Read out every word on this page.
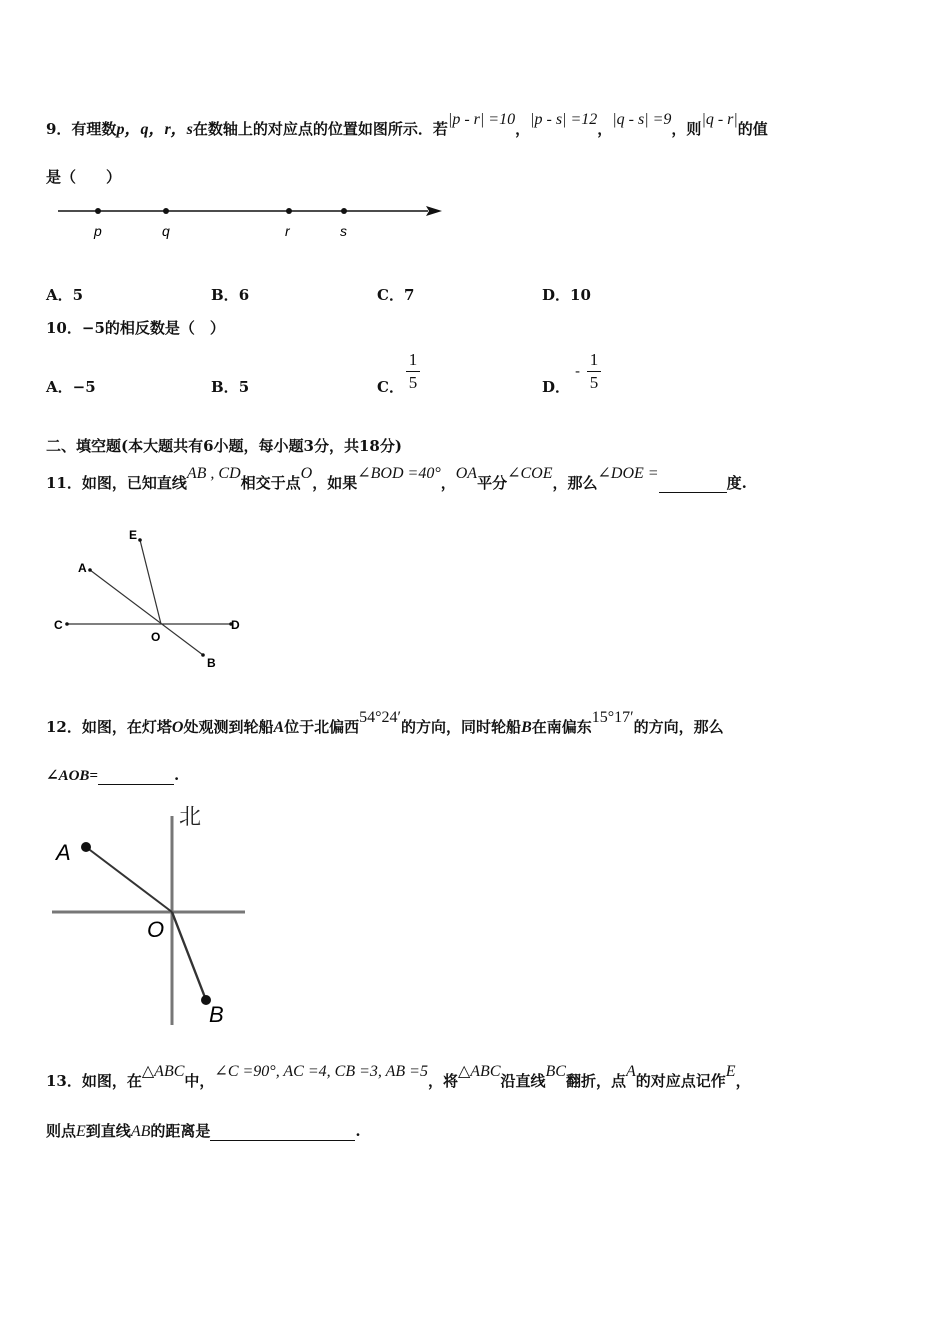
9．有理数p，q，r，s在数轴上的对应点的位置如图所示．若|p - r| =10，|p - s| =12，|q - s| =9，则|q - r|的值
是（　　）
p	q	r	s
A．5	B．6	C．7	D．10
10．−5的相反数是（　）
A．−5	B．5	C．
1
5	D．
-
1
5
二、填空题(本大题共有6小题，每小题3分，共18分)
11．如图，已知直线AB , CD相交于点O，如果∠BOD =40°，OA平分∠COE，那么∠DOE =度.
E
A
C
O
D
B
12．如图，在灯塔O处观测到轮船A位于北偏西54°24′的方向，同时轮船B在南偏东15°17′的方向，那么
∠AOB=	.
北
A
O
B
13．如图，在△ABC中，∠C =90°, AC =4, CB =3, AB =5，将△ABC沿直线BC翻折，点A的对应点记作E，
则点E到直线AB的距离是	.
